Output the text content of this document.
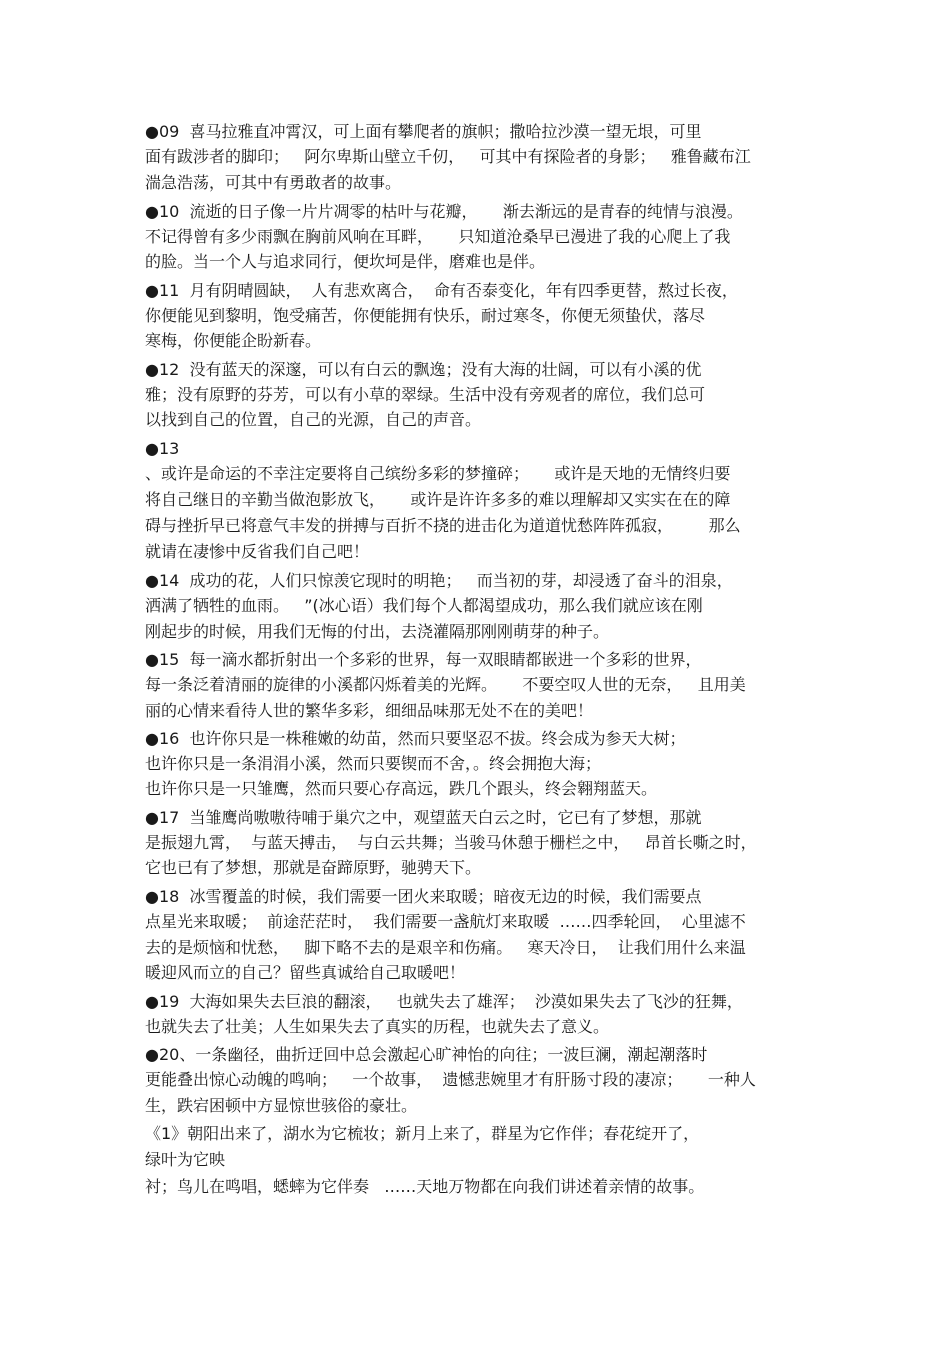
●09  喜马拉雅直冲霄汉，可上面有攀爬者的旗帜；撒哈拉沙漠一望无垠，可里

面有跋涉者的脚印；   阿尔卑斯山壁立千仞，   可其中有探险者的身影；   雅鲁藏布江

湍急浩荡，可其中有勇敢者的故事。

●10  流逝的日子像一片片凋零的枯叶与花瓣，     渐去渐远的是青春的纯情与浪漫。

不记得曾有多少雨飘在胸前风响在耳畔，     只知道沧桑早已漫进了我的心爬上了我

的脸。当一个人与追求同行，便坎坷是伴，磨难也是伴。

●11  月有阴晴圆缺，  人有悲欢离合，  命有否泰变化，年有四季更替，熬过长夜，

你便能见到黎明，饱受痛苦，你便能拥有快乐，耐过寒冬，你便无须蛰伏，落尽

寒梅，你便能企盼新春。

●12  没有蓝天的深邃，可以有白云的飘逸；没有大海的壮阔，可以有小溪的优

雅；没有原野的芬芳，可以有小草的翠绿。生活中没有旁观者的席位，我们总可

以找到自己的位置，自己的光源，自己的声音。

●13

、或许是命运的不幸注定要将自己缤纷多彩的梦撞碎；     或许是天地的无情终归要

将自己继日的辛勤当做泡影放飞，     或许是许许多多的难以理解却又实实在在的障

碍与挫折早已将意气丰发的拼搏与百折不挠的进击化为道道忧愁阵阵孤寂，       那么

就请在凄惨中反省我们自己吧！

●14  成功的花，人们只惊羡它现时的明艳；   而当初的芽，却浸透了奋斗的泪泉，

洒满了牺牲的血雨。   ”(冰心语）我们每个人都渴望成功，那么我们就应该在刚

刚起步的时候，用我们无悔的付出，去浇灌隔那刚刚萌芽的种子。

●15  每一滴水都折射出一个多彩的世界，每一双眼睛都嵌进一个多彩的世界，

每一条泛着清丽的旋律的小溪都闪烁着美的光辉。     不要空叹人世的无奈，   且用美

丽的心情来看待人世的繁华多彩，细细品味那无处不在的美吧！

●16  也许你只是一株稚嫩的幼苗，然而只要坚忍不拔。终会成为参天大树；

也许你只是一条涓涓小溪，然而只要锲而不舍，。终会拥抱大海；

也许你只是一只雏鹰，然而只要心存高远，跌几个跟头，终会翱翔蓝天。

●17  当雏鹰尚嗷嗷待哺于巢穴之中，观望蓝天白云之时，它已有了梦想，那就

是振翅九霄，  与蓝天搏击，  与白云共舞；当骏马休憩于栅栏之中，   昂首长嘶之时，

它也已有了梦想，那就是奋蹄原野，驰骋天下。

●18  冰雪覆盖的时候，我们需要一团火来取暖；暗夜无边的时候，我们需要点

点星光来取暖；  前途茫茫时，  我们需要一盏航灯来取暖  ……四季轮回，  心里滤不

去的是烦恼和忧愁，   脚下略不去的是艰辛和伤痛。   寒天冷日，  让我们用什么来温

暖迎风而立的自己？留些真诚给自己取暖吧！

●19  大海如果失去巨浪的翻滚，   也就失去了雄浑；  沙漠如果失去了飞沙的狂舞，

也就失去了壮美；人生如果失去了真实的历程，也就失去了意义。

●20、一条幽径，曲折迂回中总会激起心旷神怡的向往；一波巨澜，潮起潮落时

更能叠出惊心动魄的鸣响；   一个故事，  遗憾悲婉里才有肝肠寸段的凄凉；     一种人

生，跌宕困顿中方显惊世骇俗的豪壮。

《1》朝阳出来了，湖水为它梳妆；新月上来了，群星为它作伴；春花绽开了，

绿叶为它映

衬；鸟儿在鸣唱，蟋蟀为它伴奏   ……天地万物都在向我们讲述着亲情的故事。
